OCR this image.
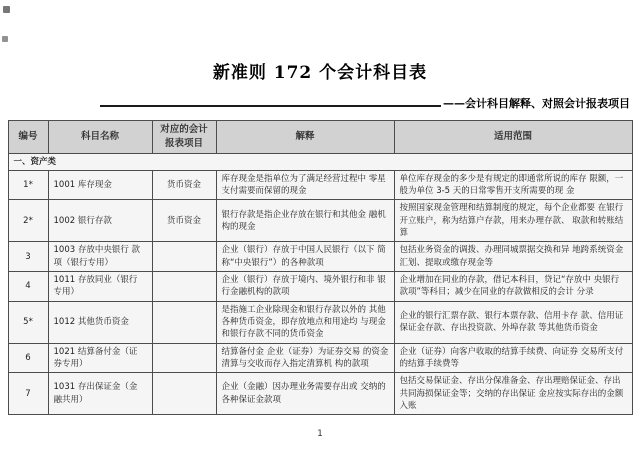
新准则 172 个会计科目表
——会计科目解释、对照会计报表项目
编号	科目名称	对应的会计报表项目	解释	适用范围
一、资产类				
1*	1001 库存现金	货币资金	库存现金是指单位为了满足经营过程中 零星支付需要而保留的现金	单位库存现金的多少是有规定的即通常所说的库存 限额，一般为单位 3-5 天的日常零售开支所需要的现 金
2*	1002 银行存款	货币资金	银行存款是指企业存放在银行和其他金 融机构的现金	按照国家现金管理和结算制度的规定，每个企业都要 在银行开立账户，称为结算户存款，用来办理存款、 取款和转账结算
3	1003 存放中央银行 款项（银行专用）		企业（银行）存放于中国人民银行（以下 简称“中央银行”）的各种款项	包括业务资金的调拨、办理同城票据交换和异 地跨系统资金汇划、提取或缴存现金等
4	1011 存放同业（银行 专用）		企业（银行）存放于境内、境外银行和非 银行金融机构的款项	企业增加在同业的存款，借记本科目，贷记“存放中 央银行款项”等科目；减少在同业的存款做相反的会计 分录
5*	1012 其他货币资金		是指施工企业除现金和银行存款以外的 其他各种货币资金，即存放地点和用途均 与现金和银行存款不同的货币资金	企业的银行汇票存款、银行本票存款、信用卡存 款、信用证保证金存款、存出投资款、外埠存款 等其他货币资金
6	1021 结算备付金（证 券专用）		结算备付金 企业（证券）为证券交易 的资金清算与交收而存入指定清算机 构的款项	企业（证券）向客户收取的结算手续费、向证券 交易所支付的结算手续费等
7	1031 存出保证金（金 融共用）		企业（金融）因办理业务需要存出或 交纳的各种保证金款项	包括交易保证金、存出分保准备金、存出理赔保证金、存出共同海损保证金等；交纳的存出保证 金应按实际存出的金额入账
1
